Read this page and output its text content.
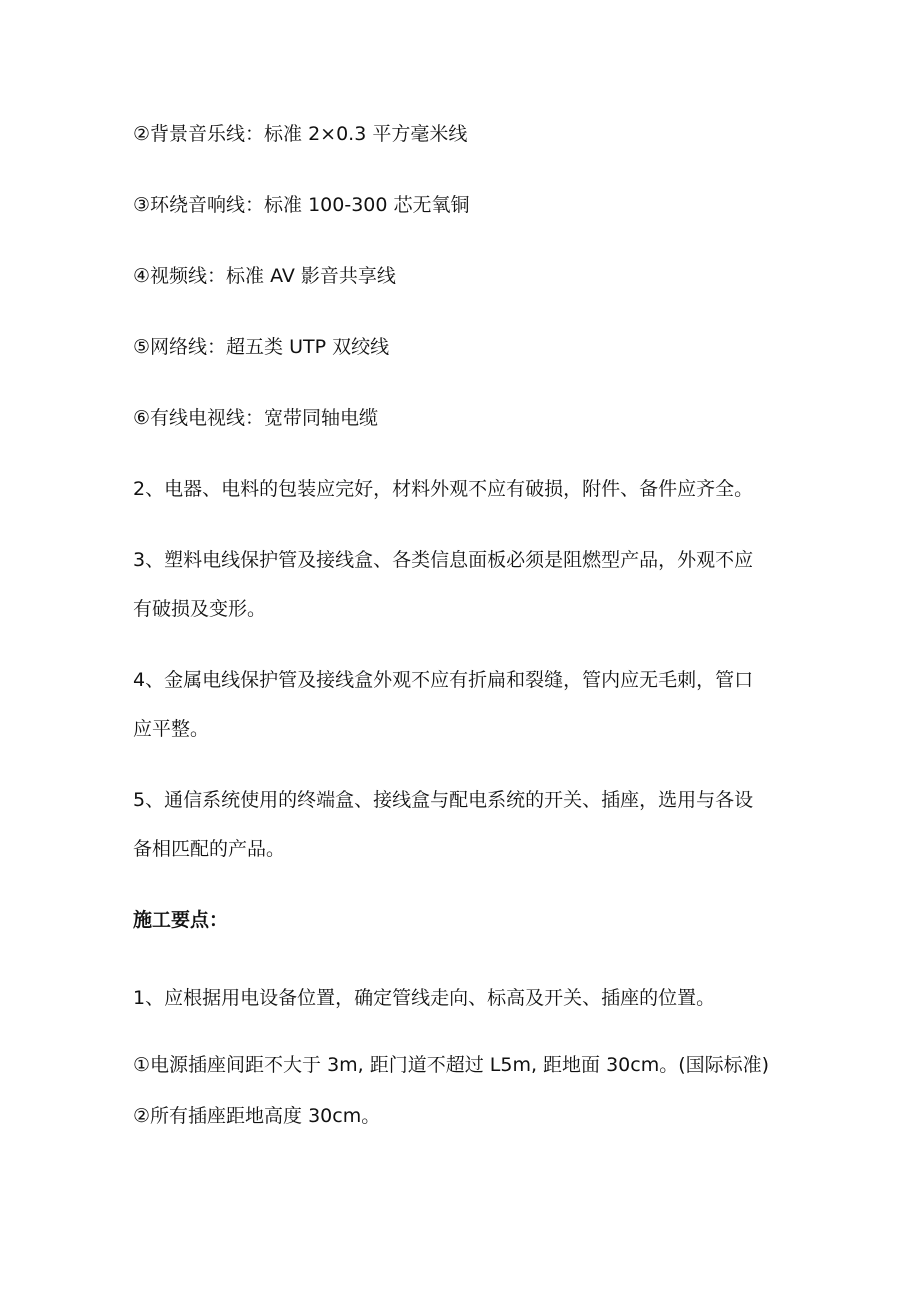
②背景音乐线：标准 2×0.3 平方毫米线
③环绕音响线：标准 100-300 芯无氧铜
④视频线：标准 AV 影音共享线
⑤网络线：超五类 UTP 双绞线
⑥有线电视线：宽带同轴电缆
2、电器、电料的包装应完好，材料外观不应有破损，附件、备件应齐全。
3、塑料电线保护管及接线盒、各类信息面板必须是阻燃型产品，外观不应
有破损及变形。
4、金属电线保护管及接线盒外观不应有折扁和裂缝，管内应无毛刺，管口
应平整。
5、通信系统使用的终端盒、接线盒与配电系统的开关、插座，选用与各设
备相匹配的产品。
施工要点：
1、应根据用电设备位置，确定管线走向、标高及开关、插座的位置。
①电源插座间距不大于 3m, 距门道不超过 L5m, 距地面 30cm。(国际标准)
②所有插座距地高度 30cm。
